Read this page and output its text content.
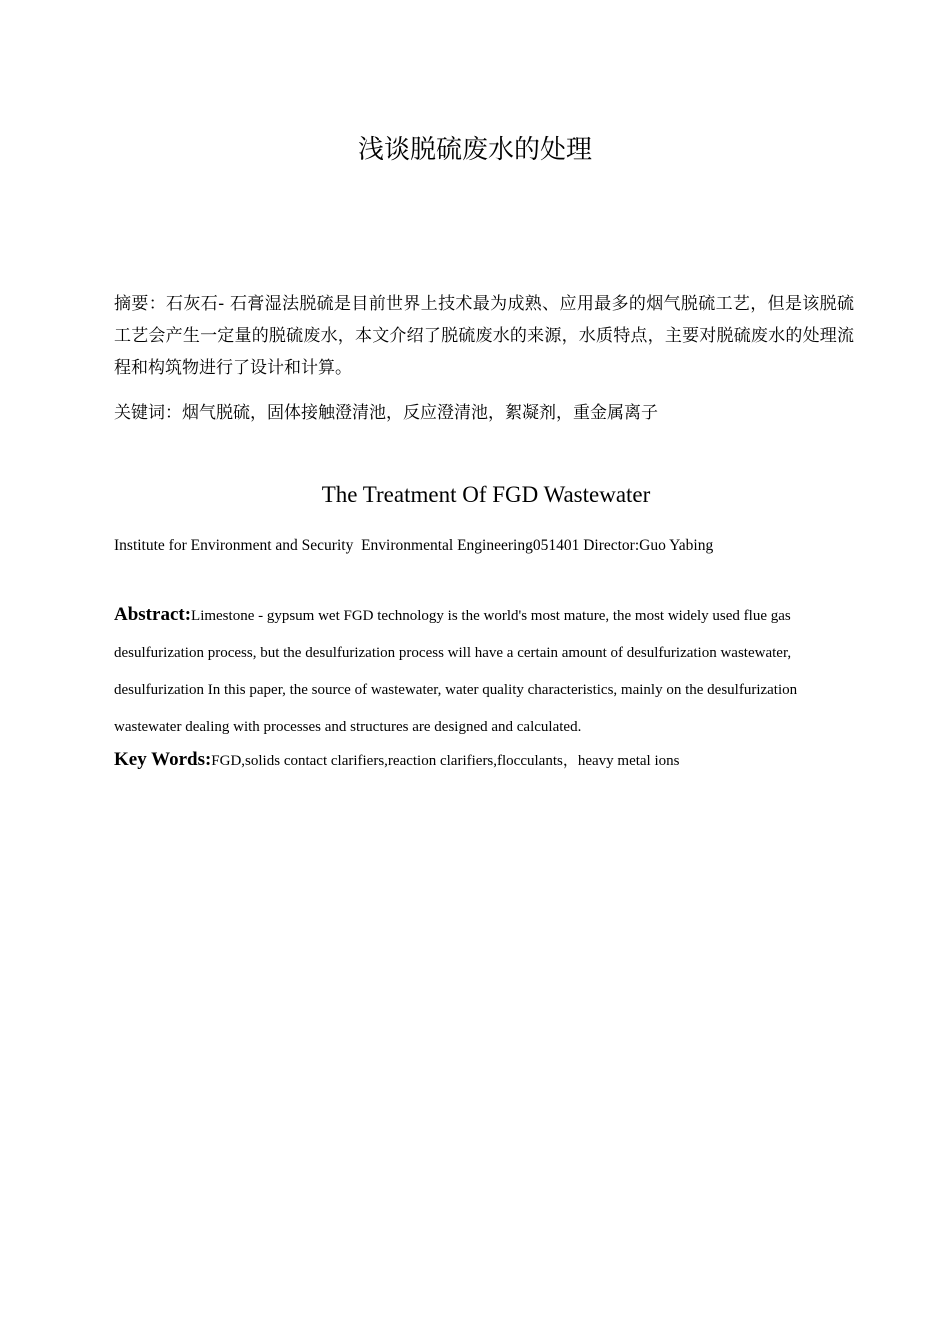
浅谈脱硫废水的处理

摘要：石灰石- 石膏湿法脱硫是目前世界上技术最为成熟、应用最多的烟气脱硫工艺，但是该脱硫工艺会产生一定量的脱硫废水，本文介绍了脱硫废水的来源，水质特点，主要对脱硫废水的处理流程和构筑物进行了设计和计算。

关键词：烟气脱硫，固体接触澄清池，反应澄清池，絮凝剂，重金属离子

The Treatment Of FGD Wastewater

Institute for Environment and Security  Environmental Engineering051401 Director:Guo Yabing

Abstract:Limestone - gypsum wet FGD technology is the world's most mature, the most widely used flue gas desulfurization process, but the desulfurization process will have a certain amount of desulfurization wastewater, desulfurization In this paper, the source of wastewater, water quality characteristics, mainly on the desulfurization wastewater dealing with processes and structures are designed and calculated.

Key Words:FGD,solids contact clarifiers,reaction clarifiers,flocculants，heavy metal ions
